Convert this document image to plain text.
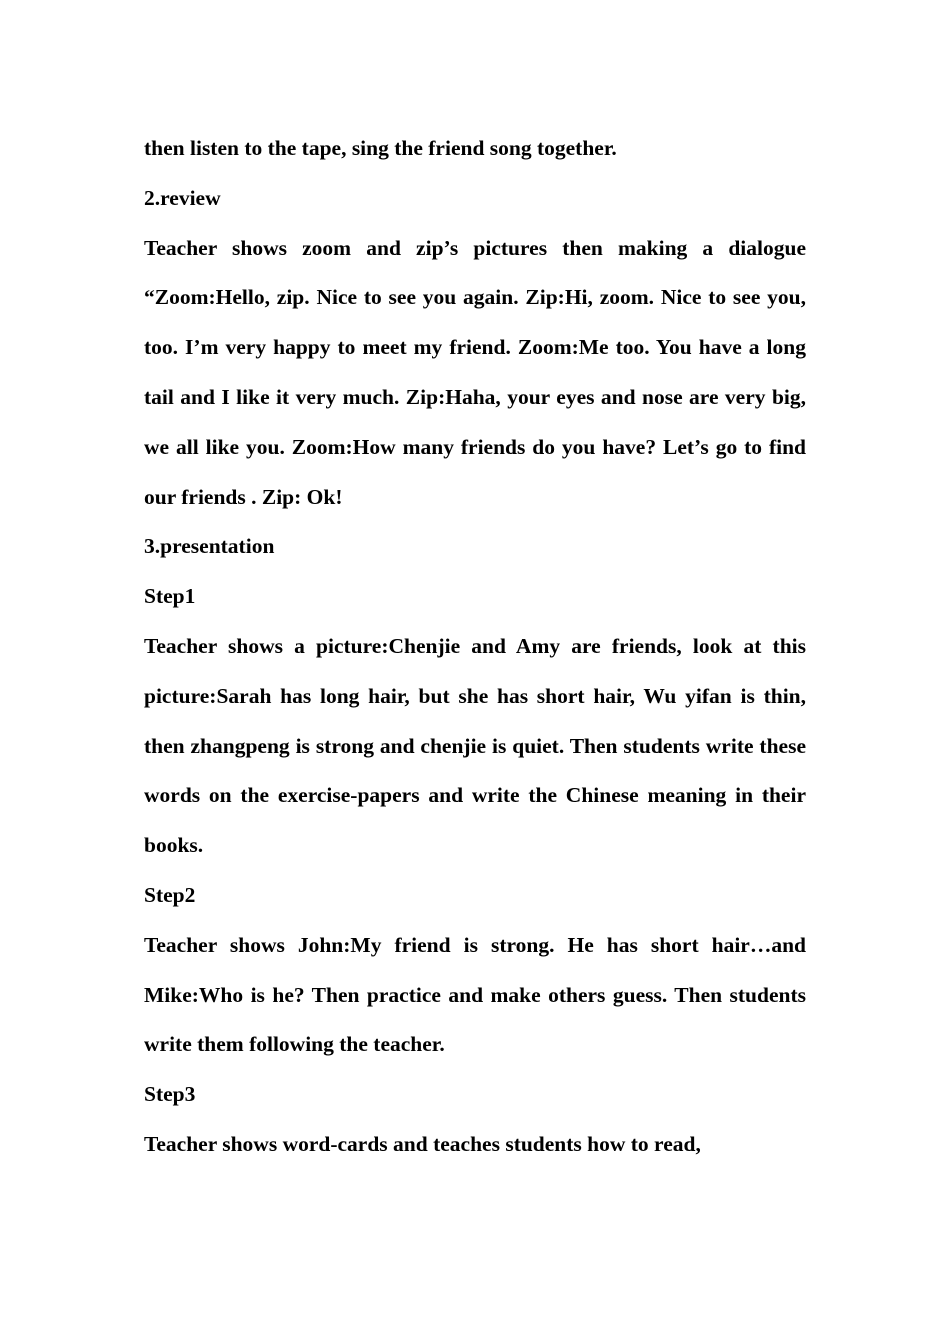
then listen to the tape, sing the friend song together.

2.review

Teacher shows zoom and zip’s pictures then making a dialogue “Zoom:Hello, zip. Nice to see you again. Zip:Hi, zoom. Nice to see you, too. I’m very happy to meet my friend. Zoom:Me too. You have a long tail and I like it very much. Zip:Haha, your eyes and nose are very big, we all like you. Zoom:How many friends do you have? Let’s go to find our friends . Zip: Ok!

3.presentation

Step1

Teacher shows a picture:Chenjie and Amy are friends, look at this picture:Sarah has long hair, but she has short hair, Wu yifan is thin, then zhangpeng is strong and chenjie is quiet. Then students write these words on the exercise-papers and write the Chinese meaning in their books.

Step2

Teacher shows John:My friend is strong. He has short hair…and Mike:Who is he? Then practice and make others guess. Then students write them following the teacher.

Step3

Teacher shows word-cards and teaches students how to read,
